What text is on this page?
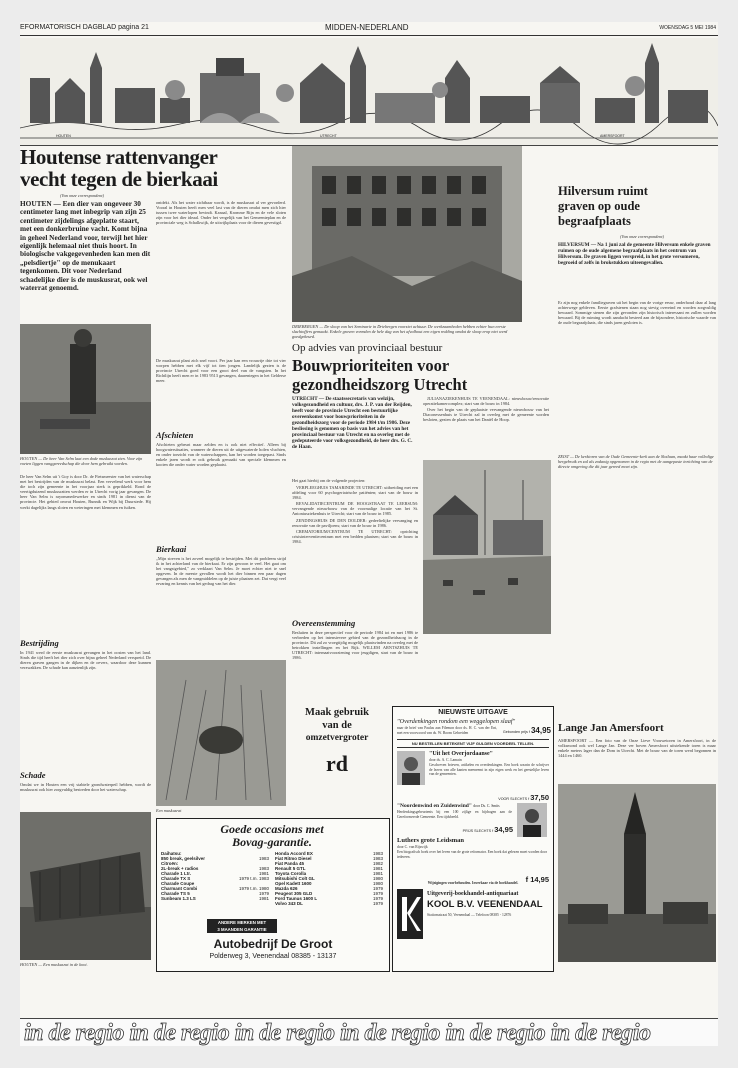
EFORMATORISCH DAGBLAD pagina 21	MIDDEN-NEDERLAND	WOENSDAG 5 MEI 1984
HOUTEN	UTRECHT	AMERSFOORT
Houtense rattenvanger
vecht tegen de bierkaai
(Van onze correspondent)
HOUTEN — Een dier van ongeveer 30 centimeter lang met inbegrip van zijn 25 centimeter zijdelings afgeplatte staart, met een donkerbruine vacht. Komt bijna in geheel Nederland voor, terwijl het hier eigenlijk helemaal niet thuis hoort. In biologische vakgegevenheden kan men dit „pelsdiertje" op de menukaart tegenkomen. Dit voor Nederland schadelijke dier is de muskusrat, ook wel waterrat genoemd.
HOUTEN — De heer Van Selm laat een dode muskusrat zien. Voor zijn voeten liggen vanggereedschap die door hem gebruikt worden.
De heer Van Selm uit 't Goy is door Dr. de Fietsmeester van het waterschap met het bestrijden van de muskusrat belast. Een vervelend werk voor hem die toch zijn gemeente in het voorjaar sterk is geprikkeld. Rond de veertigduizend muskusratten werden er in Utrecht vorig jaar gevangen. De heer Van Selm is rayonsmedewerker en sinds 1981 in dienst van de provincie. Het gebied omvat Houten, Bunnik en Wijk bij Duurstede. Hij werkt dagelijks langs sloten en weteringen met klemmen en fuiken.
Bestrijding
In 1941 werd de eerste muskusrat gevangen in het oosten van het land. Sinds die tijd heeft het dier zich over bijna geheel Nederland verspreid. De dieren graven gangen in de dijken en de oevers, waardoor deze kunnen verzwakken. De schade kan aanzienlijk zijn.
Schade
Omdat we in Houten een vrij stabiele grondwaterpeil hebben, wordt de muskusrat ook hier zorgvuldig bestreden door het waterschap.
HOUTEN — Een muskusrat in de kooi.
ontdekt. Als het water zichtbaar wordt, is de muskusrat al ver gevorderd. Vooral in Houten heeft men veel last van de dieren omdat men zich hier tussen twee waterlopen bevindt. Kanaal, Kromme Rijn en de vele sloten zijn voor het dier ideaal. Onder het vergelijk van het Gemeenteplan en de provinciale weg is Schalkwijk, de uitwijkplaats voor de dieren gevestigd.
De muskusrat plant zich snel voort. Per jaar kan een vrouwtje drie tot vier worpen hebben met elk vijf tot tien jongen. Landelijk gezien is de provincie Utrecht goed voor een groot deel van de vangsten. In het Richtlijn heeft men er in 1983 9513 gevangen, daarentegen in het Gelderse meer.
Afschieten
Afschieten gebeurt maar zelden en is ook niet effectief. Alleen bij hoogwatersituaties, wanneer de dieren uit de uitgewaterde holen vluchten, en onder toezicht van de waterschappen, kan het worden toegepast. Sinds enkele jaren wordt er ook gebruik gemaakt van speciale klemmen en kooien die onder water worden geplaatst.
Bierkaai
„Mijn streven is het zoveel mogelijk te bestrijden. Met dit probleem strijd ik in het achterland van de bierkaai. Er zijn gewoon te veel. Het gaat om het vangstgebied," zo verklaart Van Selm. Je moet echter niet te snel opgeven. In de meeste gevallen wordt het dier binnen een paar dagen gevangen als men de vangmiddelen op de juiste plaatsen zet. Dat vergt veel ervaring en kennis van het gedrag van het dier.
Een muskusrat
DRIEBERGEN — De sloop van het Seminarie in Driebergen voorziet achtuur. De werkzaamheden hebben echter hun eerste slachtoffers gemaakt. Enkele graven vormden de hele dag van het afvalhout een eigen redding omdat de sloop erop niet werd goedgekeurd.
Op advies van provinciaal bestuur
Bouwprioriteiten voor
gezondheidszorg Utrecht
UTRECHT — De staatssecretaris van welzijn, volksgezondheid en cultuur, drs. J. P. van der Reijden, heeft voor de provincie Utrecht een bestuurlijke overeenkomst voor bouwprioriteiten in de gezondheidszorg voor de periode 1984 t/m 1986. Deze beslissing is genomen op basis van het advies van het provinciaal bestuur van Utrecht en na overleg met de gedeputeerde voor volksgezondheid, de heer drs. G. C. de Haan.
Het gaat hierbij om de volgende projecten:

VERPLEEGHUIS TAMARINDE TE UTRECHT: uitbreiding met een afdeling voor 60 psychogeriatrische patiënten; start van de bouw in 1984.

REVALIDATIECENTRUM DE HOOGSTRAAT TE LEERSUM: vervangende nieuwbouw van de voormalige locatie van het St. Antoniusziekenhuis te Utrecht; start van de bouw in 1985.

ZENDINGSHUIS DE DEN DOLDER: gedeeltelijke vervanging en renovatie van de paviljoens; start van de bouw in 1986.

CREMATORIUM/CENTRUM TE UTRECHT: oprichting crisisinterventiecentrum met een bedden plaatsen; start van de bouw in 1984.

Overeenstemming
Besluiten in deze perspectief voor de periode 1984 tot en met 1986 te verbreden op het intensievere gebied van de gezondheidszorg in de provincie. Dit zal zo vroegtijdig mogelijk plaatsvinden na overleg met de betrokken instellingen en het Rijk. WILLEM ARNTSZHUIS TE UTRECHT: internaatvoorziening voor jeugdigen, start van de bouw in 1986.

JULIANAZIEKENHUIS TE VEENENDAAL: nieuwbouw/renovatie operatiekamercomplex; start van de bouw in 1984.

Over het begin van de geplaatste vervangende nieuwbouw van het Diaconessenhuis te Utrecht zal in overleg met de gemeente worden besloten, gezien de plaats van het Daniël de Hoop.

Hilversum ruimt
graven op oude
begraafplaats
(Van onze correspondent)
HILVERSUM — Na 1 juni zal de gemeente Hilversum enkele graven ruimen op de oude algemene begraafplaats in het centrum van Hilversum. De graven liggen verspreid, in het grote versomeren, begroeid of zelfs in brokstukken uiteengevallen.
Er zijn nog enkele familiegraven uit het begin van de vorige eeuw, onderhoud daar al lang achterwege gebleven. Eerste grafstenen staan nog stevig overeind en worden zorgvuldig bewaard. Sommige stenen die zijn gevonden zijn historisch interessant en zullen worden bewaard. Bij de ruiming wordt aandacht besteed aan de bijzondere, historische waarde van de oude begraafplaats, die sinds jaren gesloten is.
ZEIST — De kerktoren van de Oude Gemeente-kerk aan de Slotlaan, maakt haar volledige hergebruik en zal als zodanig opgenomen in de regio met de aangepaste inrichting van de directe omgeving die dit jaar gereed moet zijn.
Lange Jan Amersfoort
AMERSFOORT — Een foto van de Onze Lieve Vrouwetoren in Amersfoort, in de volksmond ook wel Lange Jan. Deze ver boven Amersfoort uitstekende toren is maar enkele meters lager dan de Dom in Utrecht. Met de bouw van de toren werd begonnen in 1444 en 1460.
Maak gebruik
van de
omzetvergroter
rd
Goede occasions met
Bovag-garantie.
Daihatsu:
850 break, geelsilver	1983
Citroën:
2L-break + radios	1983
Charade 1 Ltr.	1981
Charade TX S	1979 t.m. 1983
Charade Coupe
Charmant Combi	1979 t.m. 1980
Charade TS 5	1979
Sunbeam 1.3 LS	1981
Honda Accord EX	1983
Fiat Ritmo Diesel	1983
Fiat Panda 45	1982
Renault 5 GTL	1981
Toyota Corolla	1981
Mitsubishi Colt GL	1980
Opel Kadett 1600	1980
Mazda 626	1979
Peugeot 305 GLD	1979
Ford Taunus 1600 L	1979
Volvo 343 DL	1979
ANDERE MERKEN MET
3 MAANDEN GARANTIE
Autobedrijf De Groot
Polderweg 3, Veenendaal 08385 - 13137
NIEUWSTE UITGAVE
"Overdenkingen rondom een weggelopen slaaf"
naar de brief van Paulus aan Filemon door ds. H. C. van der Ent, met een voorwoord van ds. W. Boom Gebreiden	Gebonden prijs f 34,95
NU BESTELLEN BETEKENT VIJF GULDEN VOORDEEL TELLEN.
"Uit het Overjordaanse"
door ds. A. C. Lamain
Geschreven brieven, artikelen en overdenkingen. Een boek waarin de schrijver de lezers van alle kanten meeneemt in zijn eigen werk en het geestelijke leven van de gemeenten.
VOOR SLECHTS f 37,50
"Noordenwind en Zuidenwind" door Ds. C. Smits
Herdenkingsgebeurtenis bij een 100 zijlige en bijdragen aan de Gereformeerde Gemeente. Een tijdsbeeld.
PRIJS SLECHTS f 34,95
Luthers grote Leidsman
door C. van Rijswijk
Een biografisch boek over het leven van de grote reformator. Een boek dat gelezen moet worden door iedereen.
f 14,95
Wijzigingen voorbehouden. Inverkaar via de boekhandel.
Uitgeverij-boekhandel-antiquariaat
KOOL B.V. VEENENDAAL
Stationsstraat 50, Veenendaal — Telefoon 08385 - 12876
in de regio in de regio in de regio in de regio in de regio in de regio
